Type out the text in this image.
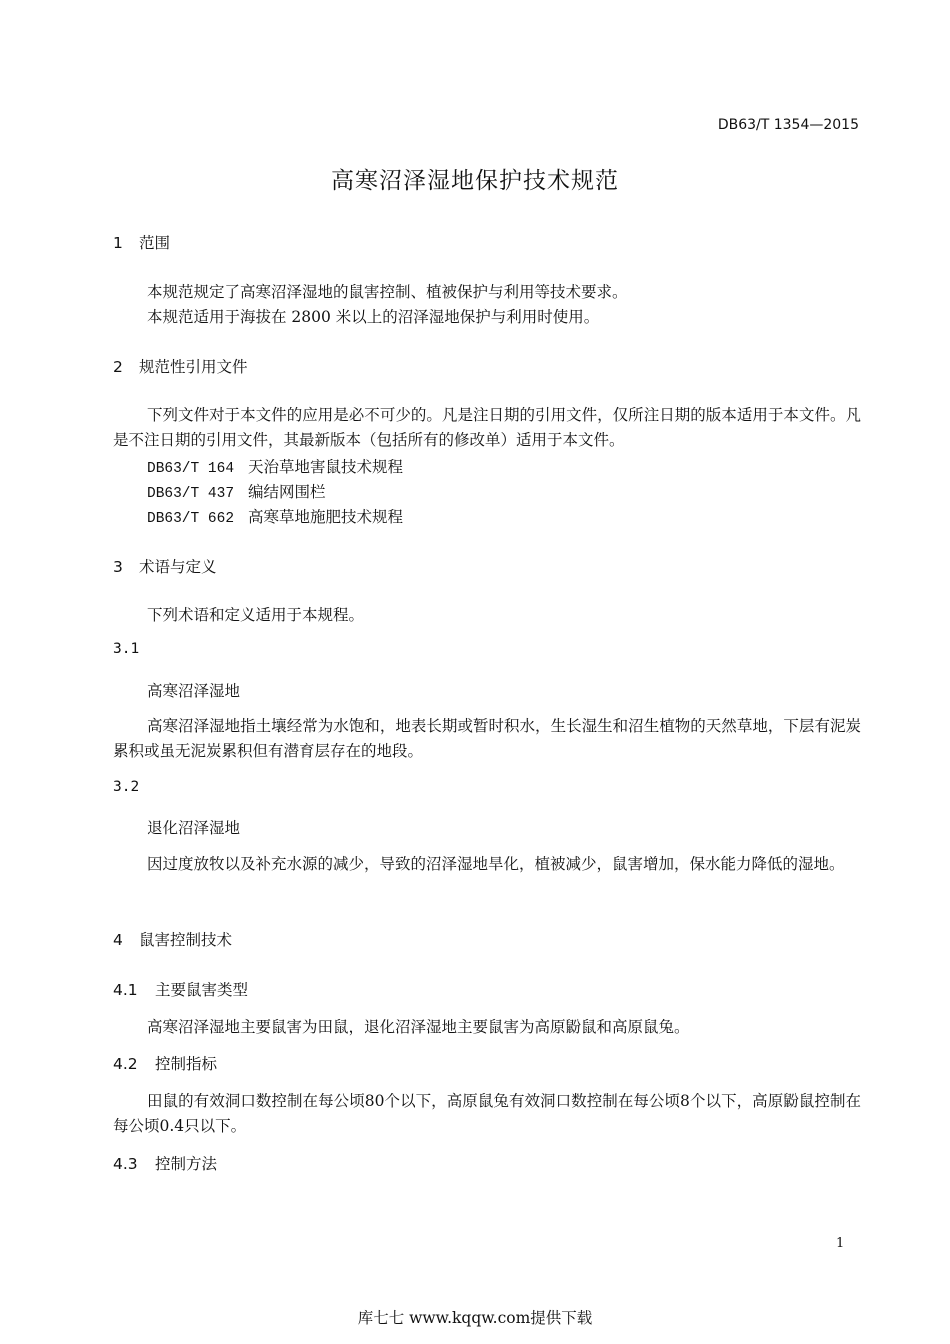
DB63/T 1354—2015
高寒沼泽湿地保护技术规范
1 范围
本规范规定了高寒沼泽湿地的鼠害控制、植被保护与利用等技术要求。
本规范适用于海拔在 2800 米以上的沼泽湿地保护与利用时使用。
2 规范性引用文件
下列文件对于本文件的应用是必不可少的。凡是注日期的引用文件，仅所注日期的版本适用于本文件。凡是不注日期的引用文件，其最新版本（包括所有的修改单）适用于本文件。
DB63/T 164 天治草地害鼠技术规程
DB63/T 437 编结网围栏
DB63/T 662 高寒草地施肥技术规程
3 术语与定义
下列术语和定义适用于本规程。
3.1
高寒沼泽湿地
高寒沼泽湿地指土壤经常为水饱和，地表长期或暂时积水，生长湿生和沼生植物的天然草地，下层有泥炭累积或虽无泥炭累积但有潜育层存在的地段。
3.2
退化沼泽湿地
因过度放牧以及补充水源的减少，导致的沼泽湿地旱化，植被减少，鼠害增加，保水能力降低的湿地。
4 鼠害控制技术
4.1 主要鼠害类型
高寒沼泽湿地主要鼠害为田鼠，退化沼泽湿地主要鼠害为高原鼢鼠和高原鼠兔。
4.2 控制指标
田鼠的有效洞口数控制在每公顷80个以下，高原鼠兔有效洞口数控制在每公顷8个以下，高原鼢鼠控制在每公顷0.4只以下。
4.3 控制方法
1
库七七 www.kqqw.com提供下载
